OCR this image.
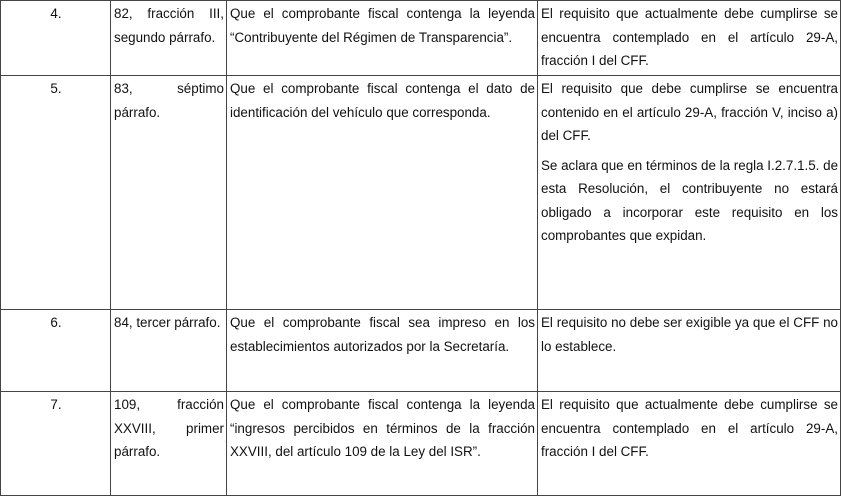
4.	82, fracción III, segundo párrafo.	Que el comprobante fiscal contenga la leyenda “Contribuyente del Régimen de Transparencia”.	El requisito que actualmente debe cumplirse se encuentra contemplado en el artículo 29-A, fracción I del CFF.

5.	83, séptimo párrafo.	Que el comprobante fiscal contenga el dato de identificación del vehículo que corresponda.	El requisito que debe cumplirse se encuentra contenido en el artículo 29-A, fracción V, inciso a) del CFF.

Se aclara que en términos de la regla I.2.7.1.5. de esta Resolución, el contribuyente no estará obligado a incorporar este requisito en los comprobantes que expidan.

6.	84, tercer párrafo.	Que el comprobante fiscal sea impreso en los establecimientos autorizados por la Secretaría.	El requisito no debe ser exigible ya que el CFF no lo establece.

7.	109, fracción XXVIII, primer párrafo.	Que el comprobante fiscal contenga la leyenda “ingresos percibidos en términos de la fracción XXVIII, del artículo 109 de la Ley del ISR”.	El requisito que actualmente debe cumplirse se encuentra contemplado en el artículo 29-A, fracción I del CFF.
